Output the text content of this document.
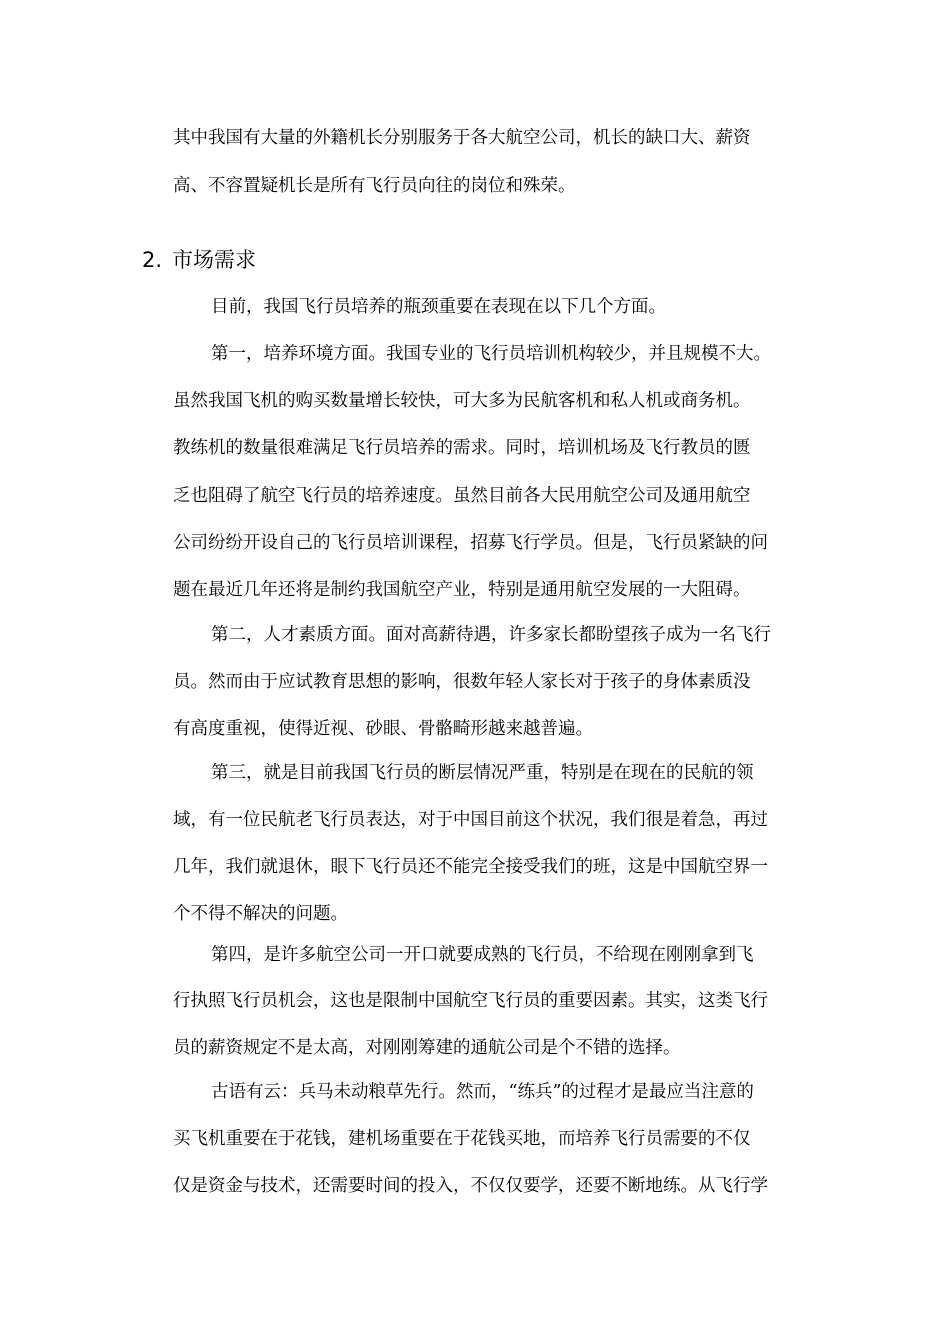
其中我国有大量的外籍机长分别服务于各大航空公司，机长的缺口大、薪资
高、不容置疑机长是所有飞行员向往的岗位和殊荣。
2. 市场需求
目前，我国飞行员培养的瓶颈重要在表现在以下几个方面。
第一，培养环境方面。我国专业的飞行员培训机构较少，并且规模不大。
虽然我国飞机的购买数量增长较快，可大多为民航客机和私人机或商务机。
教练机的数量很难满足飞行员培养的需求。同时，培训机场及飞行教员的匮
乏也阻碍了航空飞行员的培养速度。虽然目前各大民用航空公司及通用航空
公司纷纷开设自己的飞行员培训课程，招募飞行学员。但是，飞行员紧缺的问
题在最近几年还将是制约我国航空产业，特别是通用航空发展的一大阻碍。
第二，人才素质方面。面对高薪待遇，许多家长都盼望孩子成为一名飞行
员。然而由于应试教育思想的影响，很数年轻人家长对于孩子的身体素质没
有高度重视，使得近视、砂眼、骨骼畸形越来越普遍。
第三，就是目前我国飞行员的断层情况严重，特别是在现在的民航的领
域，有一位民航老飞行员表达，对于中国目前这个状况，我们很是着急，再过
几年，我们就退休，眼下飞行员还不能完全接受我们的班，这是中国航空界一
个不得不解决的问题。
第四，是许多航空公司一开口就要成熟的飞行员，不给现在刚刚拿到飞
行执照飞行员机会，这也是限制中国航空飞行员的重要因素。其实，这类飞行
员的薪资规定不是太高，对刚刚筹建的通航公司是个不错的选择。
古语有云：兵马未动粮草先行。然而，“练兵”的过程才是最应当注意的
买飞机重要在于花钱，建机场重要在于花钱买地，而培养飞行员需要的不仅
仅是资金与技术，还需要时间的投入，不仅仅要学，还要不断地练。从飞行学
